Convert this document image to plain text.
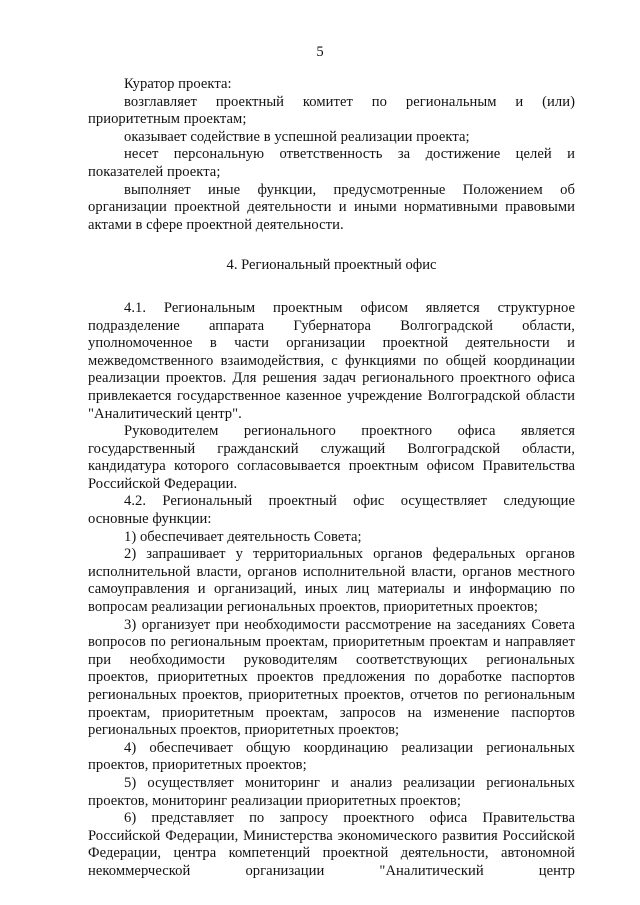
5

Куратор проекта:

возглавляет проектный комитет по региональным и (или) приоритетным проектам;

оказывает содействие в успешной реализации проекта;

несет персональную ответственность за достижение целей и показателей проекта;

выполняет иные функции, предусмотренные Положением об организации проектной деятельности и иными нормативными правовыми актами в сфере проектной деятельности.

4. Региональный проектный офис

4.1. Региональным проектным офисом является структурное подразделение аппарата Губернатора Волгоградской области, уполномоченное в части организации проектной деятельности и межведомственного взаимодействия, с функциями по общей координации реализации проектов. Для решения задач регионального проектного офиса привлекается государственное казенное учреждение Волгоградской области "Аналитический центр".

Руководителем регионального проектного офиса является государственный гражданский служащий Волгоградской области, кандидатура которого согласовывается проектным офисом Правительства Российской Федерации.

4.2. Региональный проектный офис осуществляет следующие основные функции:

1) обеспечивает деятельность Совета;

2) запрашивает у территориальных органов федеральных органов исполнительной власти, органов исполнительной власти, органов местного самоуправления и организаций, иных лиц материалы и информацию по вопросам реализации региональных проектов, приоритетных проектов;

3) организует при необходимости рассмотрение на заседаниях Совета вопросов по региональным проектам, приоритетным проектам и направляет при необходимости руководителям соответствующих региональных проектов, приоритетных проектов предложения по доработке паспортов региональных проектов, приоритетных проектов, отчетов по региональным проектам, приоритетным проектам, запросов на изменение паспортов региональных проектов, приоритетных проектов;

4) обеспечивает общую координацию реализации региональных проектов, приоритетных проектов;

5) осуществляет мониторинг и анализ реализации региональных проектов, мониторинг реализации приоритетных проектов;

6) представляет по запросу проектного офиса Правительства Российской Федерации, Министерства экономического развития Российской Федерации, центра компетенций проектной деятельности, автономной некоммерческой организации "Аналитический центр
